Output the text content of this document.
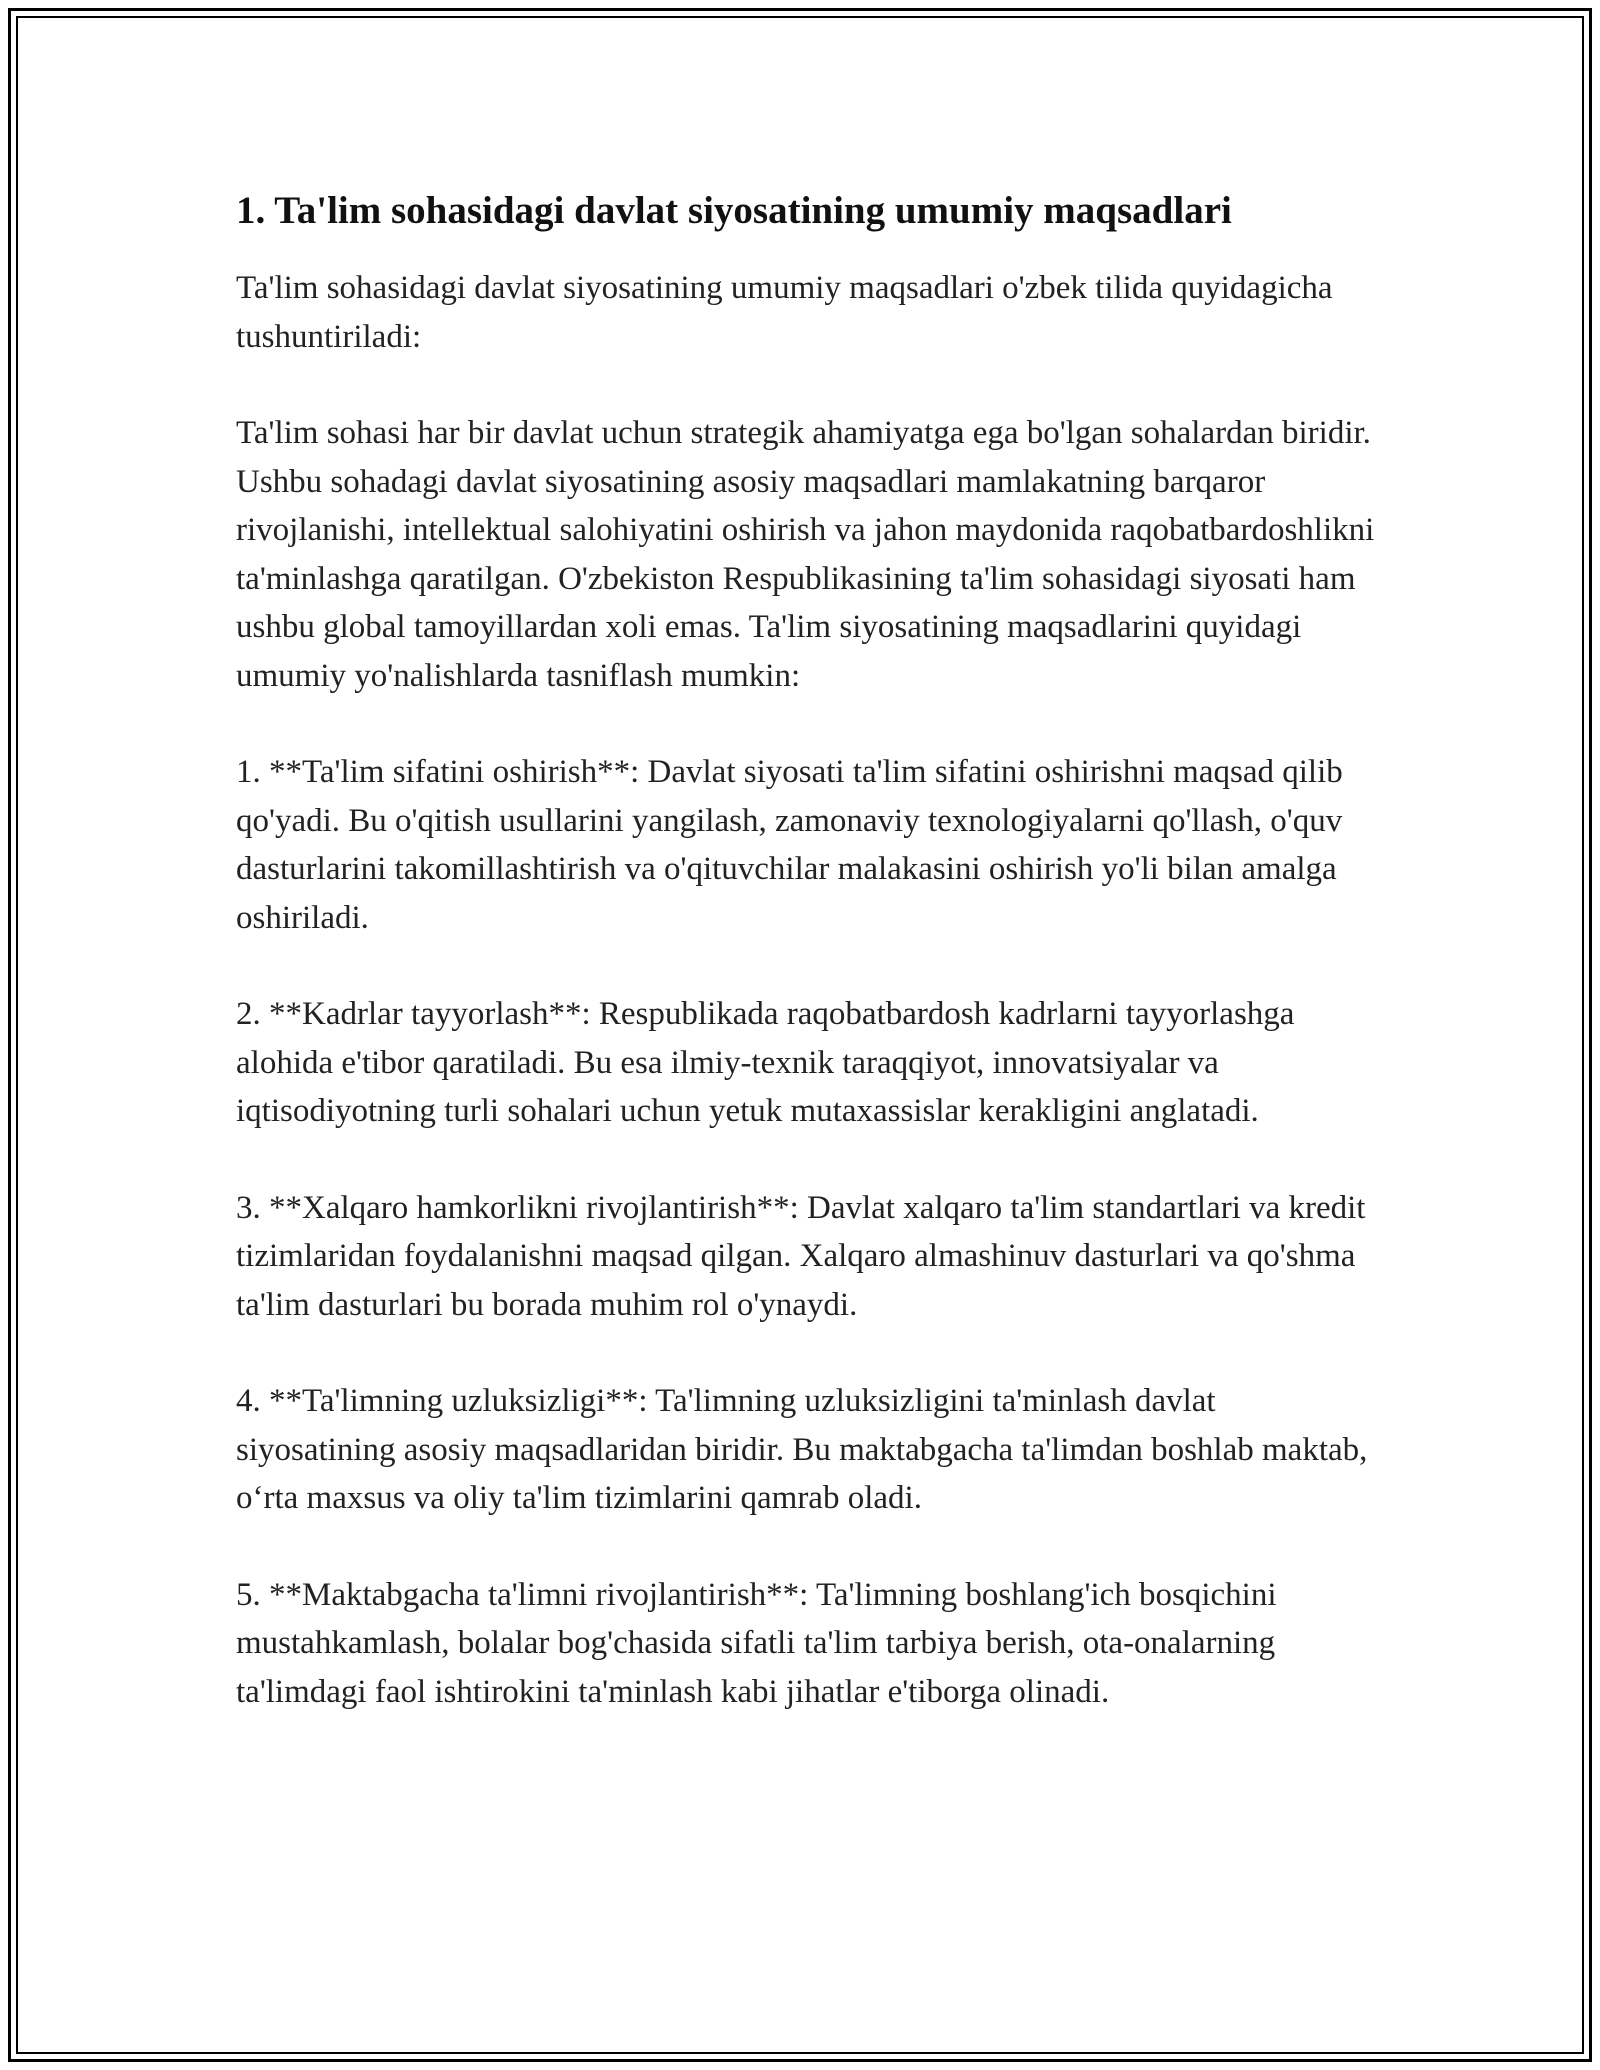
1. Ta'lim sohasidagi davlat siyosatining umumiy maqsadlari

Ta'lim sohasidagi davlat siyosatining umumiy maqsadlari o'zbek tilida quyidagicha tushuntiriladi:

Ta'lim sohasi har bir davlat uchun strategik ahamiyatga ega bo'lgan sohalardan biridir. Ushbu sohadagi davlat siyosatining asosiy maqsadlari mamlakatning barqaror rivojlanishi, intellektual salohiyatini oshirish va jahon maydonida raqobatbardoshlikni ta'minlashga qaratilgan. O'zbekiston Respublikasining ta'lim sohasidagi siyosati ham ushbu global tamoyillardan xoli emas. Ta'lim siyosatining maqsadlarini quyidagi umumiy yo'nalishlarda tasniflash mumkin:

1. **Ta'lim sifatini oshirish**: Davlat siyosati ta'lim sifatini oshirishni maqsad qilib qo'yadi. Bu o'qitish usullarini yangilash, zamonaviy texnologiyalarni qo'llash, o'quv dasturlarini takomillashtirish va o'qituvchilar malakasini oshirish yo'li bilan amalga oshiriladi.

2. **Kadrlar tayyorlash**: Respublikada raqobatbardosh kadrlarni tayyorlashga alohida e'tibor qaratiladi. Bu esa ilmiy-texnik taraqqiyot, innovatsiyalar va iqtisodiyotning turli sohalari uchun yetuk mutaxassislar kerakligini anglatadi.

3. **Xalqaro hamkorlikni rivojlantirish**: Davlat xalqaro ta'lim standartlari va kredit tizimlaridan foydalanishni maqsad qilgan. Xalqaro almashinuv dasturlari va qo'shma ta'lim dasturlari bu borada muhim rol o'ynaydi.

4. **Ta'limning uzluksizligi**: Ta'limning uzluksizligini ta'minlash davlat siyosatining asosiy maqsadlaridan biridir. Bu maktabgacha ta'limdan boshlab maktab, o‘rta maxsus va oliy ta'lim tizimlarini qamrab oladi.

5. **Maktabgacha ta'limni rivojlantirish**: Ta'limning boshlang'ich bosqichini mustahkamlash, bolalar bog'chasida sifatli ta'lim tarbiya berish, ota-onalarning ta'limdagi faol ishtirokini ta'minlash kabi jihatlar e'tiborga olinadi.
